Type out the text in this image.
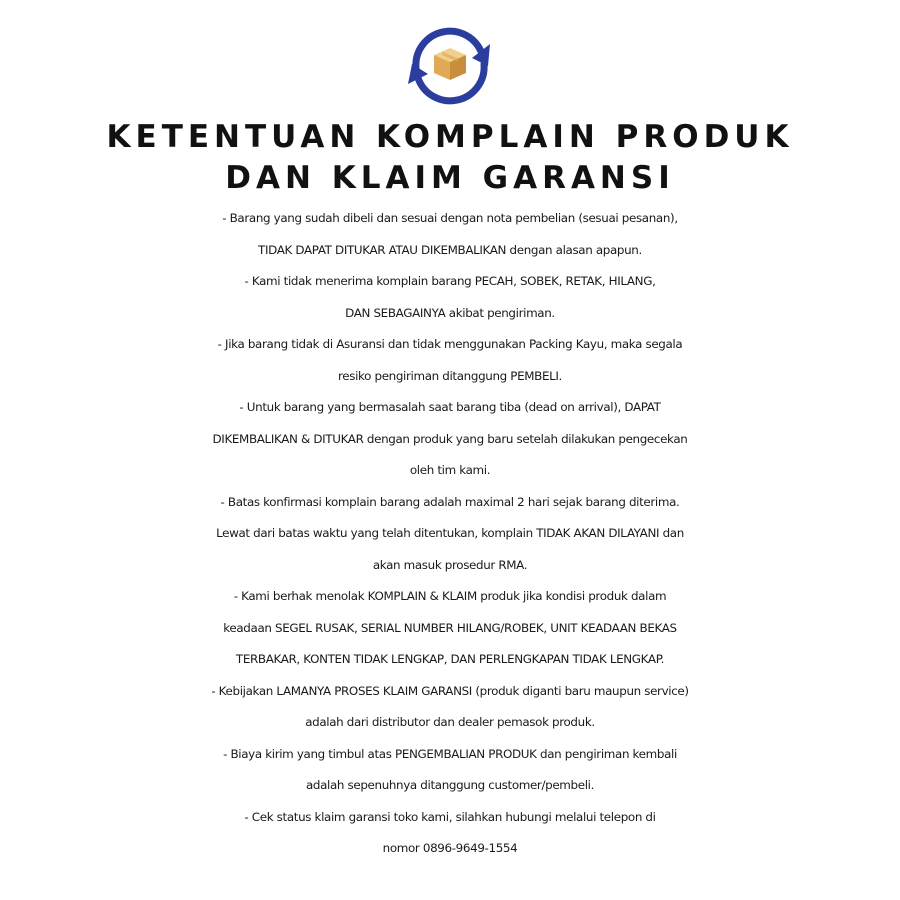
KETENTUAN KOMPLAIN PRODUK
DAN KLAIM GARANSI
- Barang yang sudah dibeli dan sesuai dengan nota pembelian (sesuai pesanan),
TIDAK DAPAT DITUKAR ATAU DIKEMBALIKAN dengan alasan apapun.
- Kami tidak menerima komplain barang PECAH, SOBEK, RETAK, HILANG,
DAN SEBAGAINYA akibat pengiriman.
- Jika barang tidak di Asuransi dan tidak menggunakan Packing Kayu, maka segala
resiko pengiriman ditanggung PEMBELI.
- Untuk barang yang bermasalah saat barang tiba (dead on arrival), DAPAT
DIKEMBALIKAN & DITUKAR dengan produk yang baru setelah dilakukan pengecekan
oleh tim kami.
- Batas konfirmasi komplain barang adalah maximal 2 hari sejak barang diterima.
Lewat dari batas waktu yang telah ditentukan, komplain TIDAK AKAN DILAYANI dan
akan masuk prosedur RMA.
- Kami berhak menolak KOMPLAIN & KLAIM produk jika kondisi produk dalam
keadaan SEGEL RUSAK, SERIAL NUMBER HILANG/ROBEK, UNIT KEADAAN BEKAS
TERBAKAR, KONTEN TIDAK LENGKAP, DAN PERLENGKAPAN TIDAK LENGKAP.
- Kebijakan LAMANYA PROSES KLAIM GARANSI (produk diganti baru maupun service)
adalah dari distributor dan dealer pemasok produk.
- Biaya kirim yang timbul atas PENGEMBALIAN PRODUK dan pengiriman kembali
adalah sepenuhnya ditanggung customer/pembeli.
- Cek status klaim garansi toko kami, silahkan hubungi melalui telepon di
nomor 0896-9649-1554
